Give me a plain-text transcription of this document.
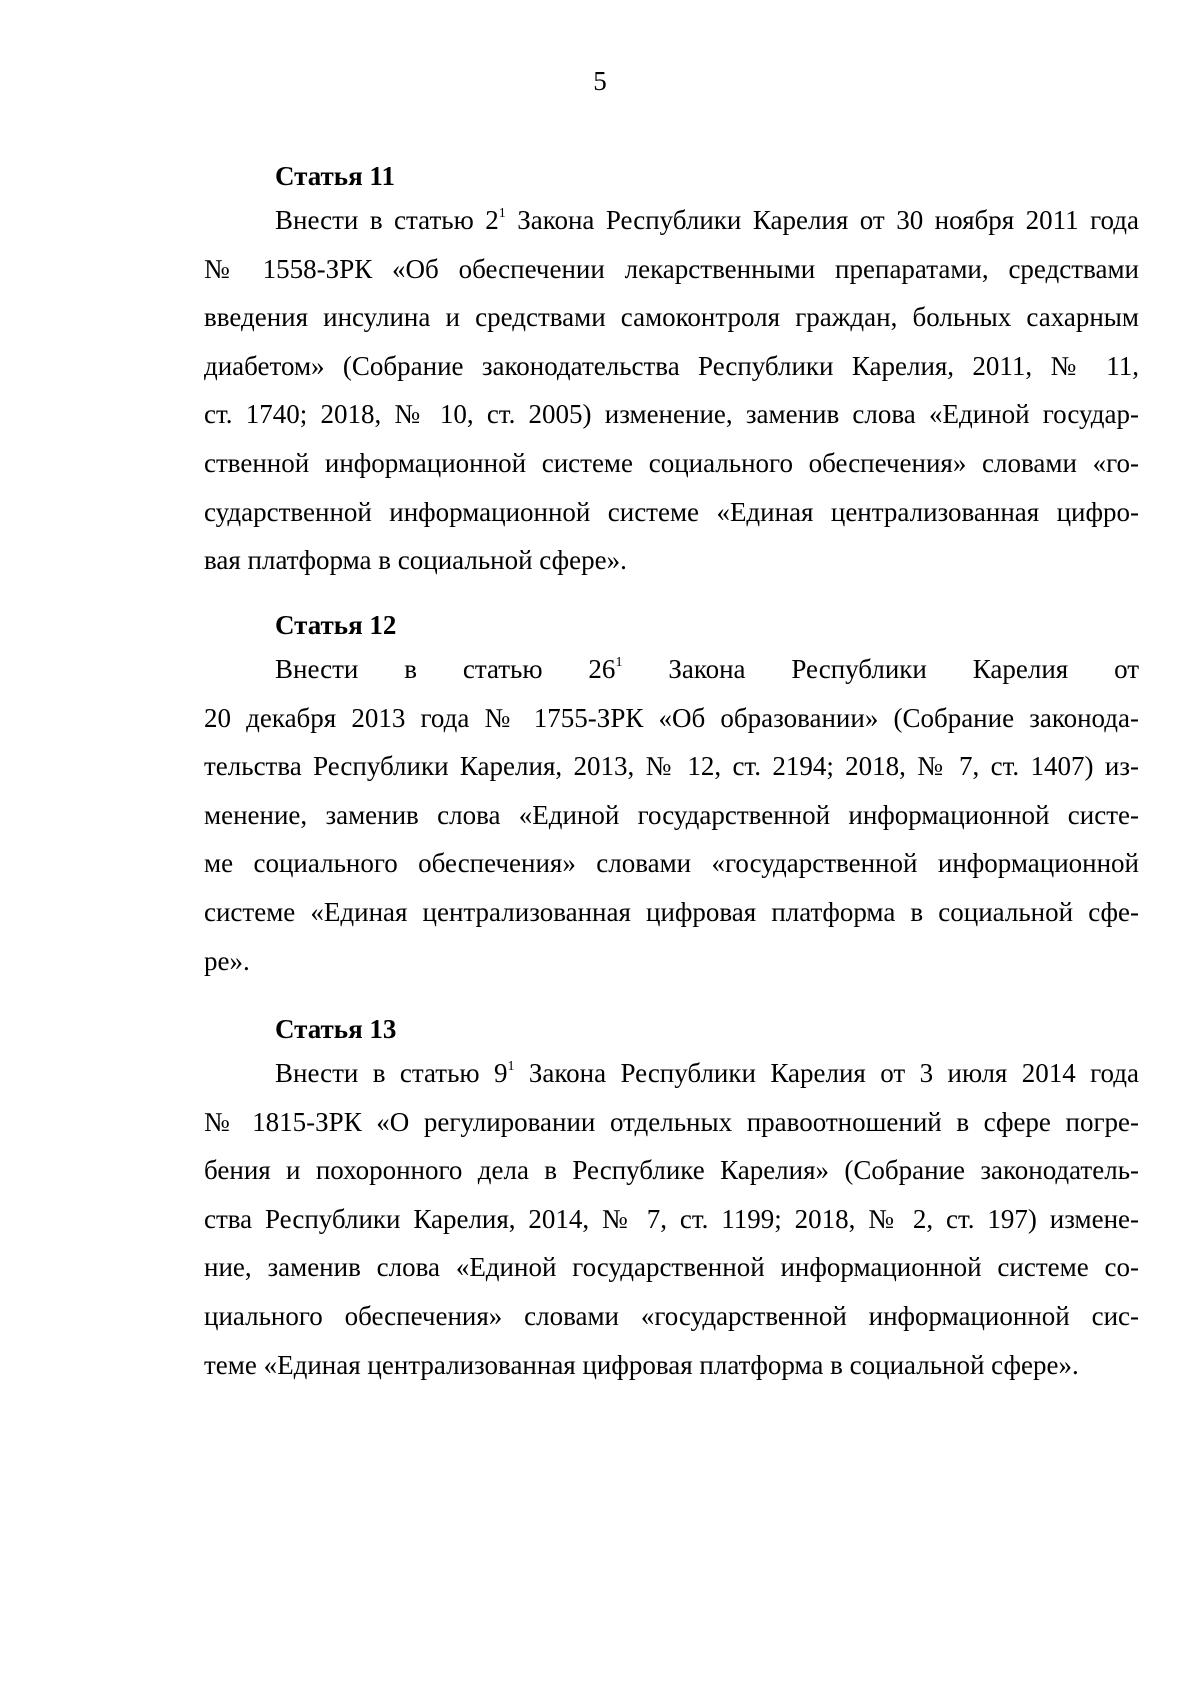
5
Статья 11
Внести в статью $2^1$ Закона Республики Карелия от 30 ноября 2011 года
№ 1558-ЗРК «Об обеспечении лекарственными препаратами, средствами
введения инсулина и средствами самоконтроля граждан, больных сахарным
диабетом» (Собрание законодательства Республики Карелия, 2011, № 11,
ст. 1740; 2018, № 10, ст. 2005) изменение, заменив слова «Единой государ-
ственной информационной системе социального обеспечения» словами «го-
сударственной информационной системе «Единая централизованная цифро-
вая платформа в социальной сфере».
Статья 12
Внести в статью $26^1$ Закона Республики Карелия от
20 декабря 2013 года № 1755-ЗРК «Об образовании» (Собрание законода-
тельства Республики Карелия, 2013, № 12, ст. 2194; 2018, № 7, ст. 1407) из-
менение, заменив слова «Единой государственной информационной систе-
ме социального обеспечения» словами «государственной информационной
системе «Единая централизованная цифровая платформа в социальной сфе-
ре».
Статья 13
Внести в статью $9^1$ Закона Республики Карелия от 3 июля 2014 года
№ 1815-ЗРК «О регулировании отдельных правоотношений в сфере погре-
бения и похоронного дела в Республике Карелия» (Собрание законодатель-
ства Республики Карелия, 2014, № 7, ст. 1199; 2018, № 2, ст. 197) измене-
ние, заменив слова «Единой государственной информационной системе со-
циального обеспечения» словами «государственной информационной сис-
теме «Единая централизованная цифровая платформа в социальной сфере».
